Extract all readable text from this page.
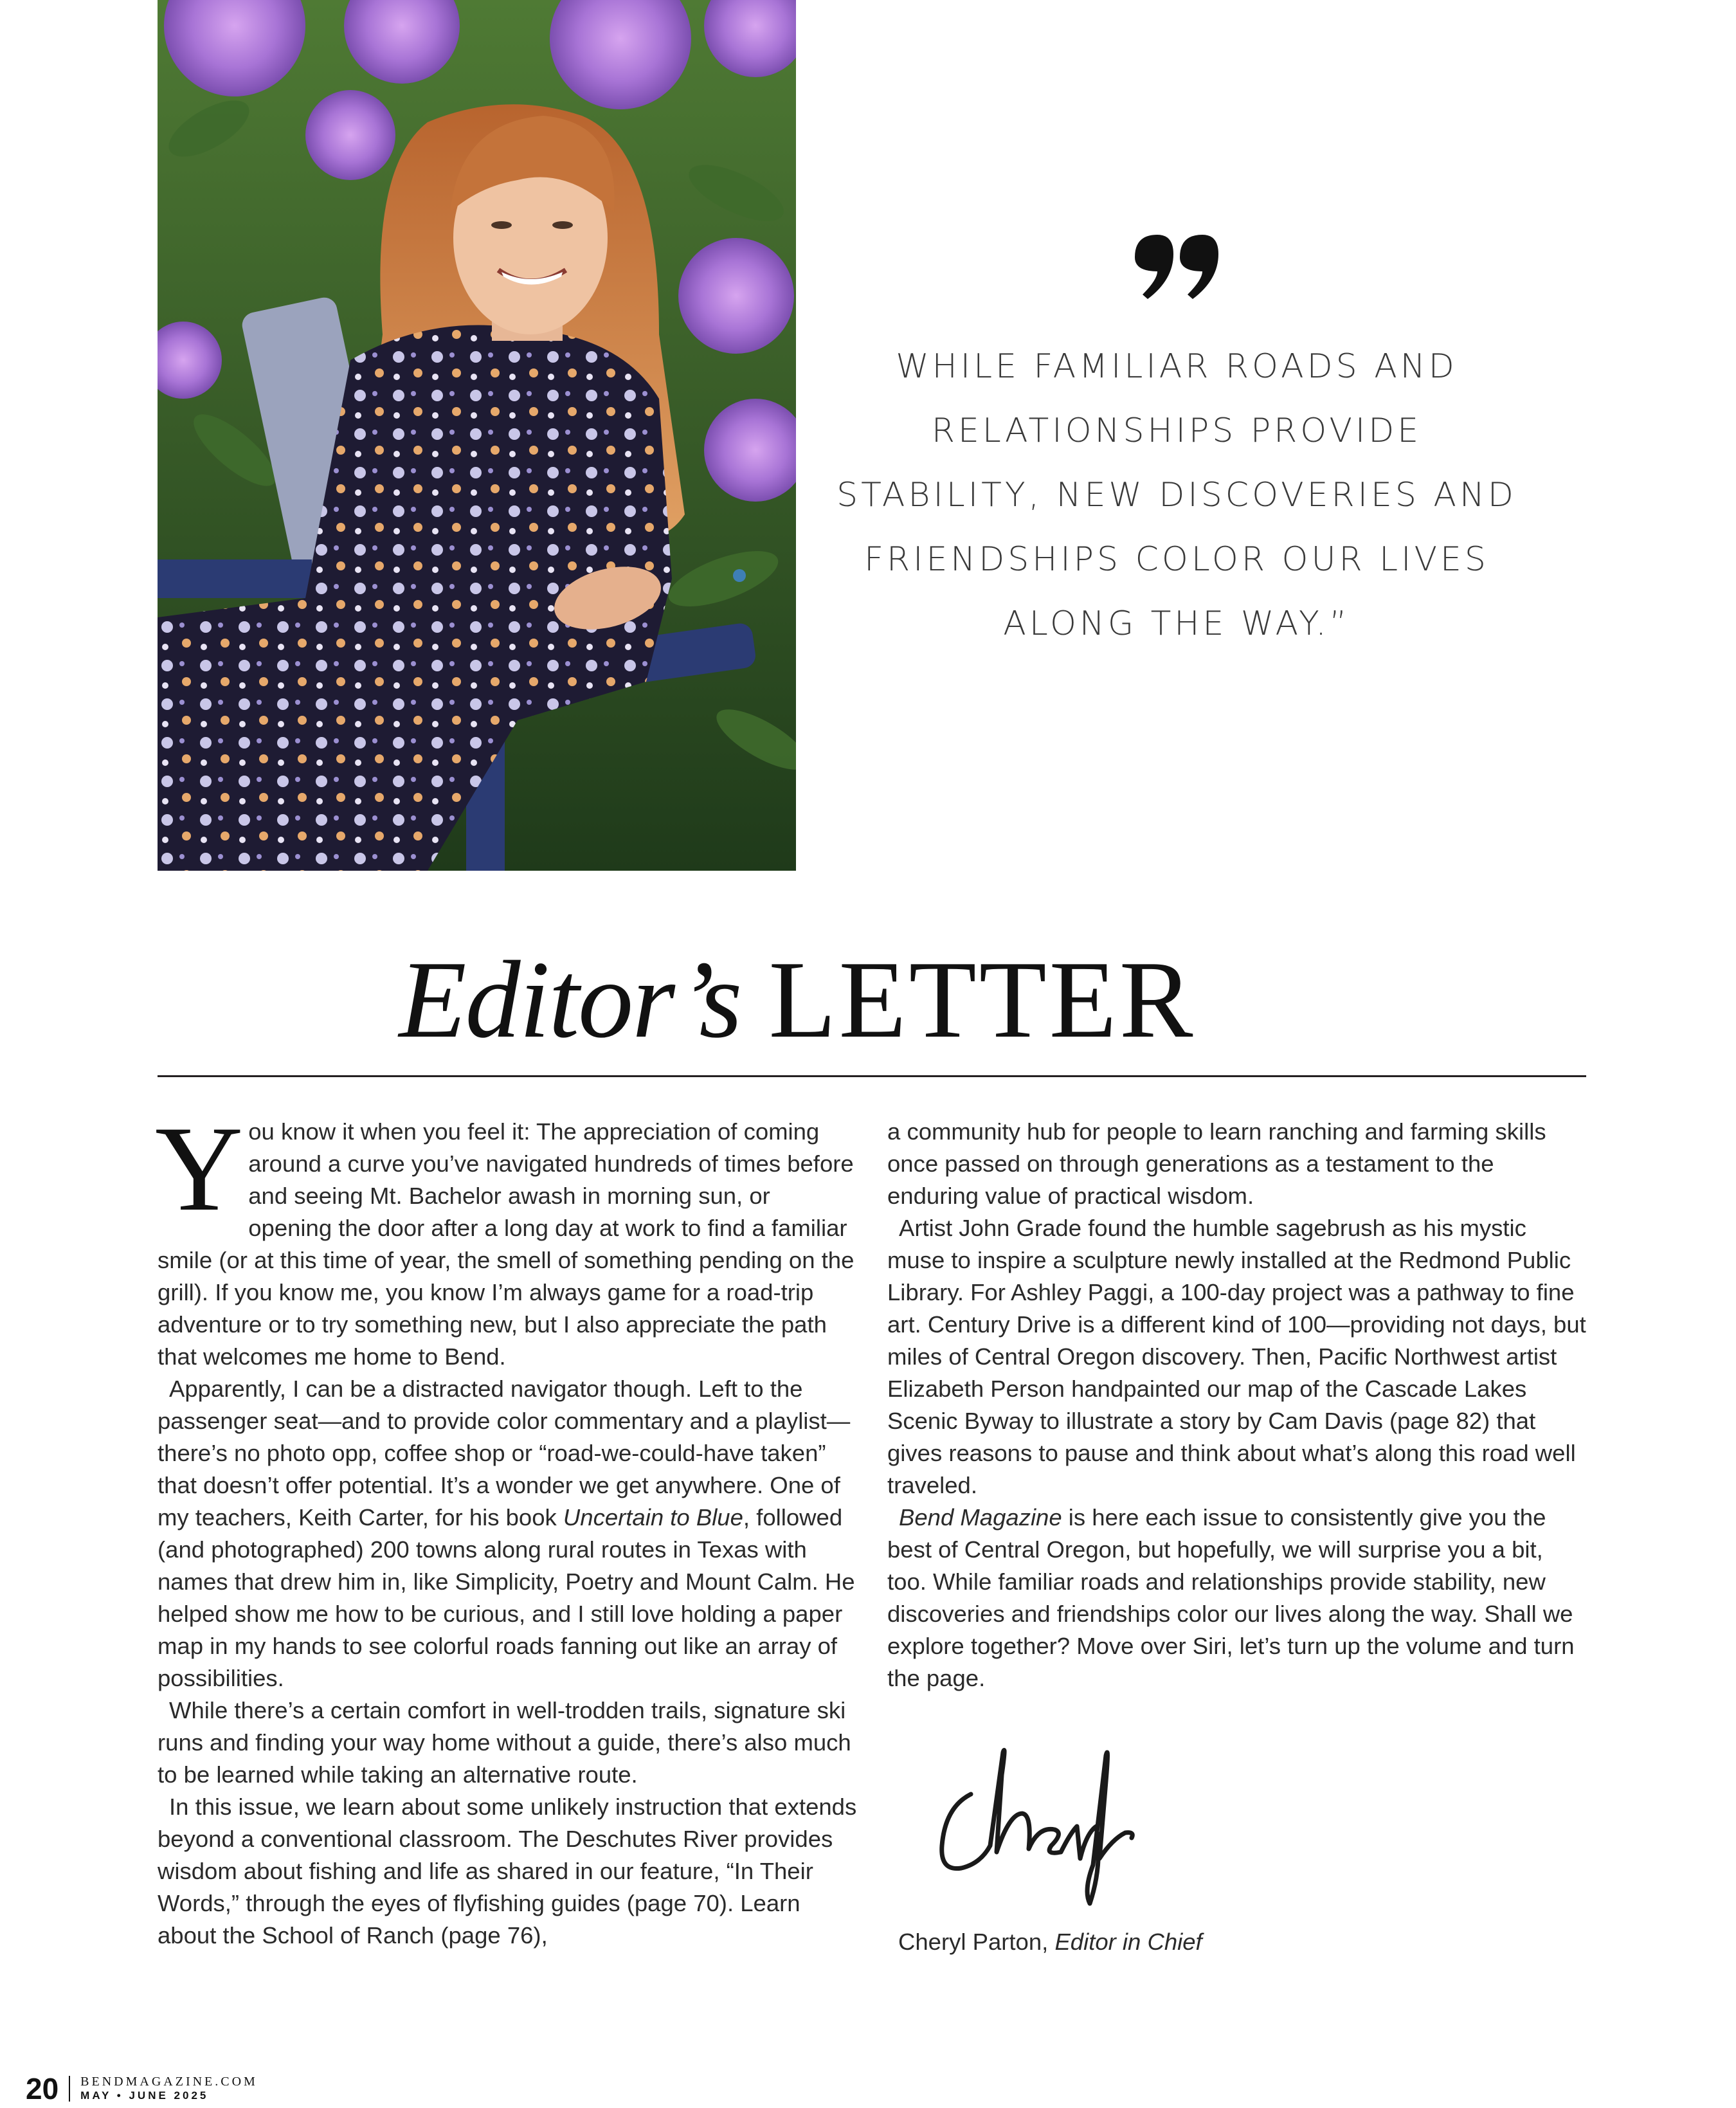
WHILE FAMILIAR ROADS AND
RELATIONSHIPS PROVIDE
STABILITY, NEW DISCOVERIES AND
FRIENDSHIPS COLOR OUR LIVES
ALONG THE WAY.”
Editor’s LETTER

You know it when you feel it: The appreciation of coming around a curve you’ve navigated hundreds of times before and seeing Mt. Bachelor awash in morning sun, or opening the door after a long day at work to find a familiar smile (or at this time of year, the smell of something pending on the grill). If you know me, you know I’m always game for a road-trip adventure or to try something new, but I also appreciate the path that welcomes me home to Bend.

Apparently, I can be a distracted navigator though. Left to the passenger seat—and to provide color commentary and a playlist—there’s no photo opp, coffee shop or “road-we-could-have taken” that doesn’t offer potential. It’s a wonder we get anywhere. One of my teachers, Keith Carter, for his book Uncertain to Blue, followed (and photographed) 200 towns along rural routes in Texas with names that drew him in, like Simplicity, Poetry and Mount Calm. He helped show me how to be curious, and I still love holding a paper map in my hands to see colorful roads fanning out like an array of possibilities.

While there’s a certain comfort in well-trodden trails, signature ski runs and finding your way home without a guide, there’s also much to be learned while taking an alternative route.

In this issue, we learn about some unlikely instruction that extends beyond a conventional classroom. The Deschutes River provides wisdom about fishing and life as shared in our feature, “In Their Words,” through the eyes of flyfishing guides (page 70). Learn about the School of Ranch (page 76),

a community hub for people to learn ranching and farming skills once passed on through generations as a testament to the enduring value of practical wisdom.

Artist John Grade found the humble sagebrush as his mystic muse to inspire a sculpture newly installed at the Redmond Public Library. For Ashley Paggi, a 100-day project was a pathway to fine art. Century Drive is a different kind of 100—providing not days, but miles of Central Oregon discovery. Then, Pacific Northwest artist Elizabeth Person handpainted our map of the Cascade Lakes Scenic Byway to illustrate a story by Cam Davis (page 82) that gives reasons to pause and think about what’s along this road well traveled.

Bend Magazine is here each issue to consistently give you the best of Central Oregon, but hopefully, we will surprise you a bit, too. While familiar roads and relationships provide stability, new discoveries and friendships color our lives along the way. Shall we explore together? Move over Siri, let’s turn up the volume and turn the page.

Cheryl Parton, Editor in Chief
20 BENDMAGAZINE.COM
MAY • JUNE 2025
